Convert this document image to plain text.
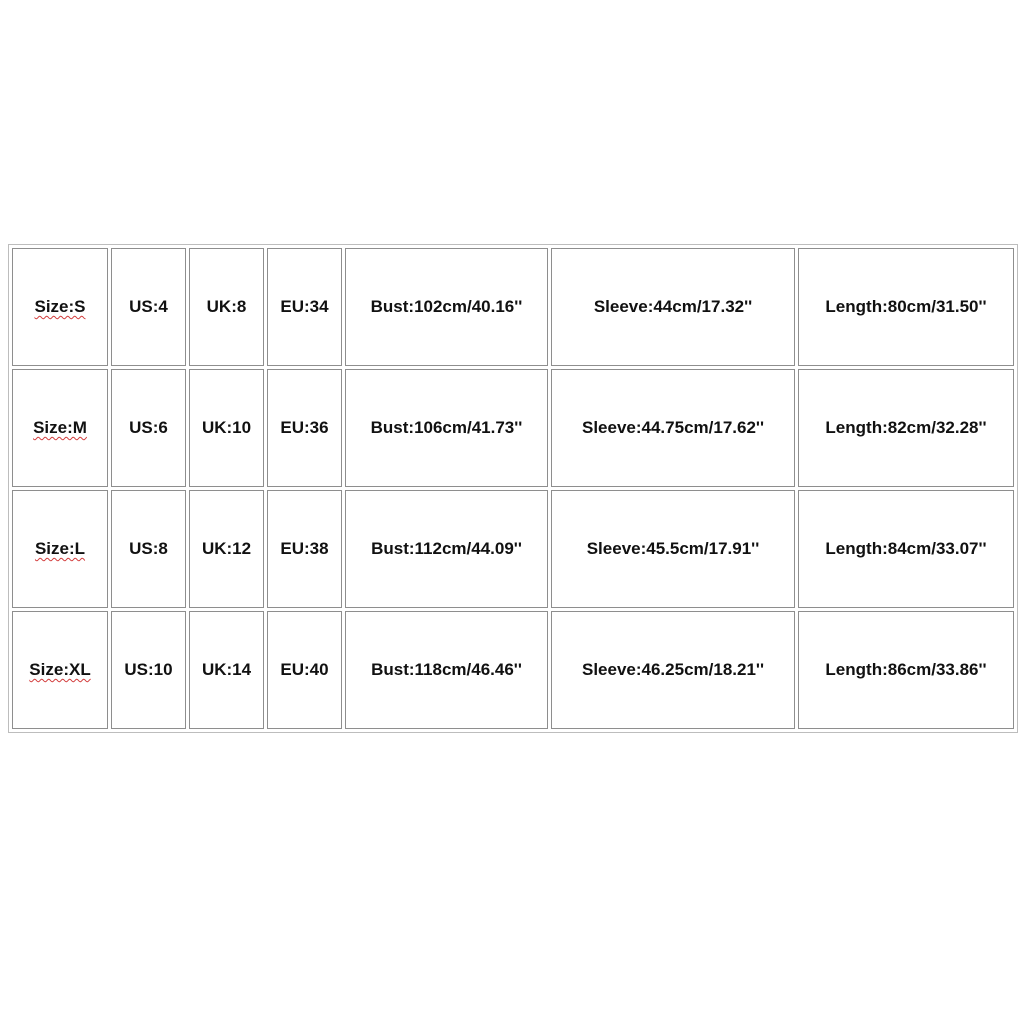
Size:S	US:4	UK:8	EU:34	Bust:102cm/40.16''	Sleeve:44cm/17.32''	Length:80cm/31.50''
Size:M	US:6	UK:10	EU:36	Bust:106cm/41.73''	Sleeve:44.75cm/17.62''	Length:82cm/32.28''
Size:L	US:8	UK:12	EU:38	Bust:112cm/44.09''	Sleeve:45.5cm/17.91''	Length:84cm/33.07''
Size:XL	US:10	UK:14	EU:40	Bust:118cm/46.46''	Sleeve:46.25cm/18.21''	Length:86cm/33.86''
